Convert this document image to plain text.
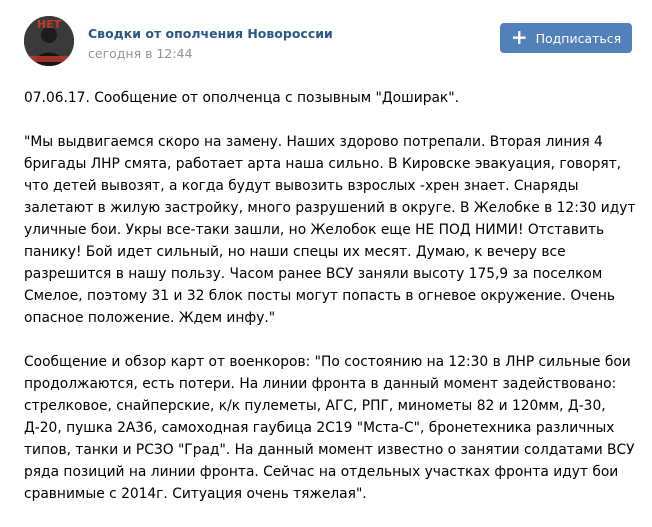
НЕТ
Сводки от ополчения Новороссии
сегодня в 12:44
+ Подписаться

07.06.17. Сообщение от ополченца с позывным "Доширак".

"Мы выдвигаемся скоро на замену. Наших здорово потрепали. Вторая линия 4 бригады ЛНР смята, работает арта наша сильно. В Кировске эвакуация, говорят, что детей вывозят, а когда будут вывозить взрослых -хрен знает. Снаряды залетают в жилую застройку, много разрушений в округе. В Желобке в 12:30 идут уличные бои. Укры все-таки зашли, но Желобок еще НЕ ПОД НИМИ! Отставить панику! Бой идет сильный, но наши спецы их месят. Думаю, к вечеру все разрешится в нашу пользу. Часом ранее ВСУ заняли высоту 175,9 за поселком Смелое, поэтому 31 и 32 блок посты могут попасть в огневое окружение. Очень опасное положение. Ждем инфу."

Сообщение и обзор карт от военкоров: "По состоянию на 12:30 в ЛНР сильные бои продолжаются, есть потери. На линии фронта в данный момент задействовано: стрелковое, снайперские, к/к пулеметы, АГС, РПГ, минометы 82 и 120мм, Д-30, Д-20, пушка 2А36, самоходная гаубица 2С19 "Мста-С", бронетехника различных типов, танки и РСЗО "Град". На данный момент известно о занятии солдатами ВСУ ряда позиций на линии фронта. Сейчас на отдельных участках фронта идут бои сравнимые с 2014г. Ситуация очень тяжелая".
